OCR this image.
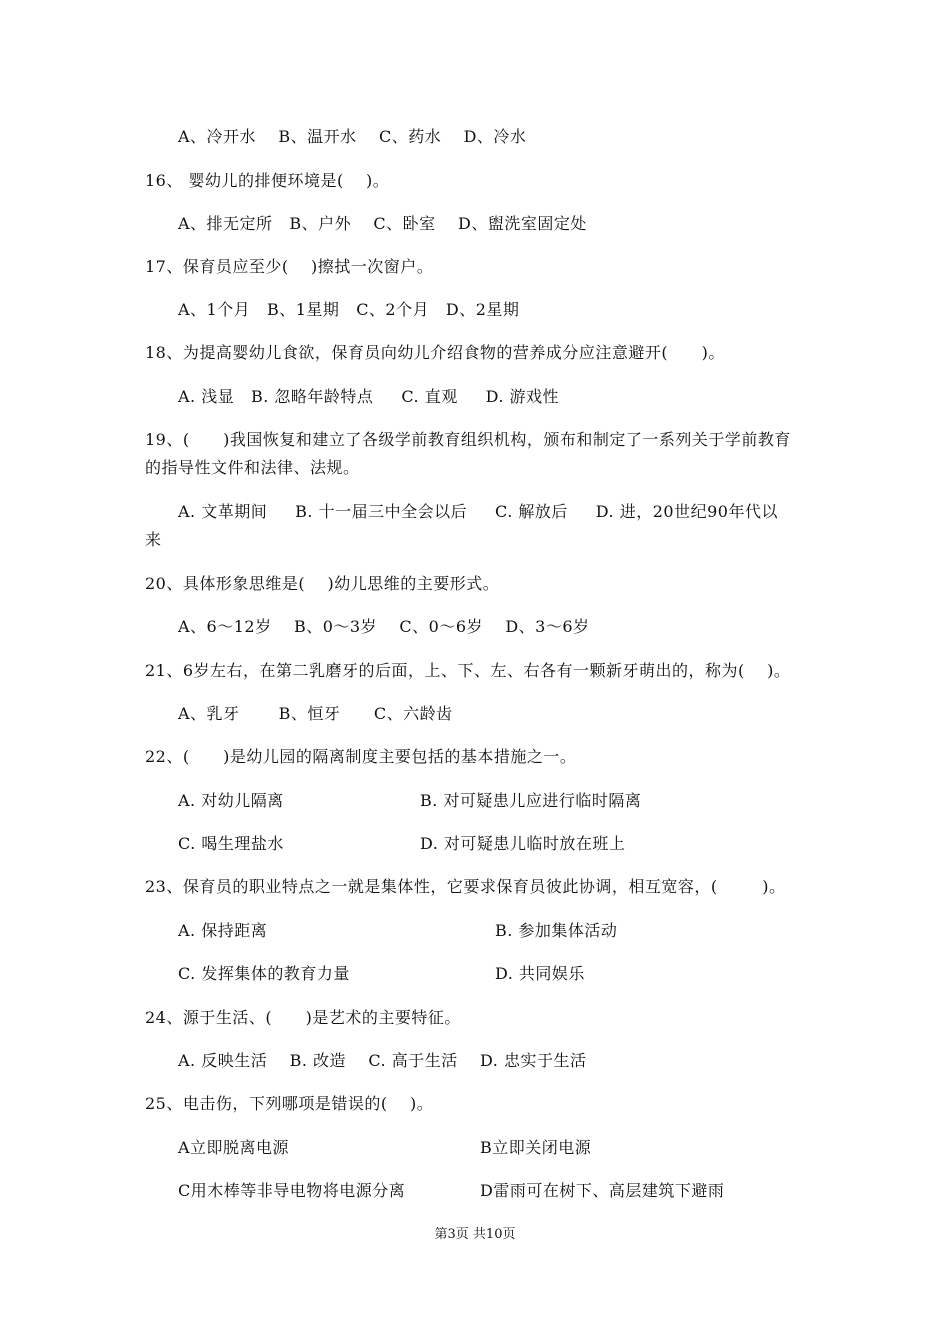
A、冷开水    B、温开水    C、药水    D、冷水
16、 婴幼儿的排便环境是(    )。
A、排无定所   B、户外    C、卧室    D、盥洗室固定处
17、保育员应至少(    )擦拭一次窗户。
A、1个月   B、1星期   C、2个月   D、2星期
18、为提高婴幼儿食欲，保育员向幼儿介绍食物的营养成分应注意避开(      )。
A. 浅显   B. 忽略年龄特点     C. 直观     D. 游戏性
19、(      )我国恢复和建立了各级学前教育组织机构，颁布和制定了一系列关于学前教育
的指导性文件和法律、法规。
A. 文革期间     B. 十一届三中全会以后     C. 解放后     D. 进，20世纪90年代以
来
20、具体形象思维是(    )幼儿思维的主要形式。
A、6～12岁    B、0～3岁    C、0～6岁    D、3～6岁
21、6岁左右，在第二乳磨牙的后面，上、下、左、右各有一颗新牙萌出的，称为(    )。
A、乳牙       B、恒牙      C、六龄齿
22、(      )是幼儿园的隔离制度主要包括的基本措施之一。
A. 对幼儿隔离	B. 对可疑患儿应进行临时隔离
C. 喝生理盐水	D. 对可疑患儿临时放在班上
23、保育员的职业特点之一就是集体性，它要求保育员彼此协调，相互宽容，(        )。
A. 保持距离	B. 参加集体活动
C. 发挥集体的教育力量	D. 共同娱乐
24、源于生活、(      )是艺术的主要特征。
A. 反映生活    B. 改造    C. 高于生活    D. 忠实于生活
25、电击伤，下列哪项是错误的(    )。
A立即脱离电源	B立即关闭电源
C用木棒等非导电物将电源分离	D雷雨可在树下、高层建筑下避雨
第3页 共10页
